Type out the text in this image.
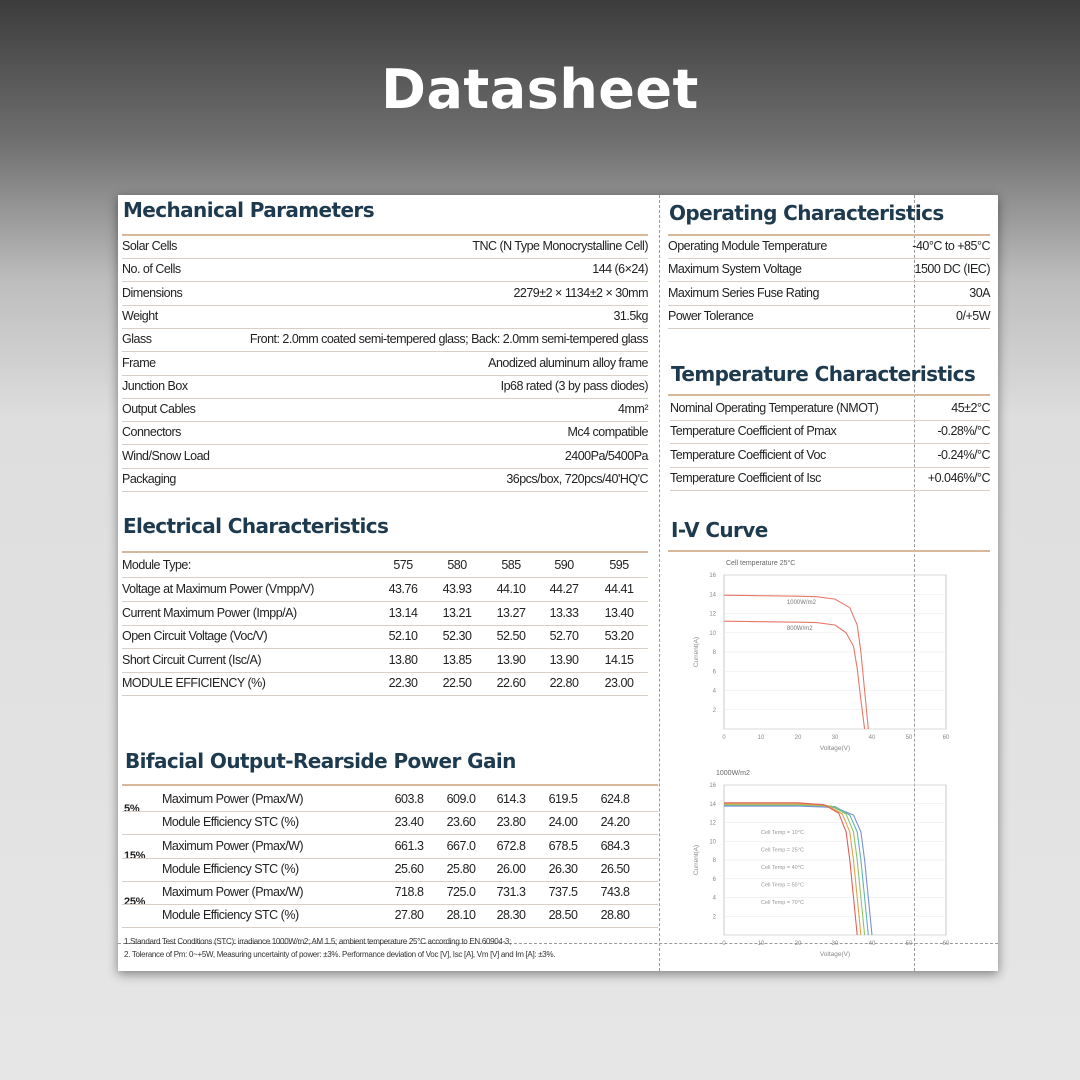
Datasheet
Mechanical Parameters
Solar Cells	TNC (N Type Monocrystalline Cell)
No. of Cells	144 (6×24)
Dimensions	2279±2 × 1134±2 × 30mm
Weight	31.5kg
Glass	Front: 2.0mm coated semi-tempered glass; Back: 2.0mm semi-tempered glass
Frame	Anodized aluminum alloy frame
Junction Box	Ip68 rated (3 by pass diodes)
Output Cables	4mm²
Connectors	Mc4 compatible
Wind/Snow Load	2400Pa/5400Pa
Packaging	36pcs/box, 720pcs/40'HQ'C
Operating Characteristics
Operating Module Temperature	-40°C to +85°C
Maximum System Voltage	1500 DC (IEC)
Maximum Series Fuse Rating	30A
Power Tolerance	0/+5W
Temperature Characteristics
Nominal Operating Temperature (NMOT)	45±2°C
Temperature Coefficient of Pmax	-0.28%/°C
Temperature Coefficient of Voc	-0.24%/°C
Temperature Coefficient of Isc	+0.046%/°C
Electrical Characteristics
Module Type:	575	580	585	590	595
Voltage at Maximum Power (Vmpp/V)	43.76	43.93	44.10	44.27	44.41
Current Maximum Power (Impp/A)	13.14	13.21	13.27	13.33	13.40
Open Circuit Voltage (Voc/V)	52.10	52.30	52.50	52.70	53.20
Short Circuit Current (Isc/A)	13.80	13.85	13.90	13.90	14.15
MODULE EFFICIENCY (%)	22.30	22.50	22.60	22.80	23.00
Bifacial Output-Rearside Power Gain
5%
Maximum Power (Pmax/W)	603.8	609.0	614.3	619.5	624.8
Module Efficiency STC (%)	23.40	23.60	23.80	24.00	24.20
15%
Maximum Power (Pmax/W)	661.3	667.0	672.8	678.5	684.3
Module Efficiency STC (%)	25.60	25.80	26.00	26.30	26.50
25%
Maximum Power (Pmax/W)	718.8	725.0	731.3	737.5	743.8
Module Efficiency STC (%)	27.80	28.10	28.30	28.50	28.80
1.Standard Test Conditions (STC): irradiance 1000W/m2; AM 1.5; ambient temperature 25°C according to EN 60904-3;
2. Tolerance of Pm: 0~+5W, Measuring uncertainty of power: ±3%. Performance deviation of Voc [V], Isc [A], Vm [V] and Im [A]: ±3%.
I-V Curve
Cell temperature 25°C
2
4
6
8
10
12
14
16
0	10	20	30	40	50	60
Voltage(V)
Current(A)
1000W/m2
800W/m2
1000W/m2
2
4
6
8
10
12
14
16
0	10	20	30	40	50	60
Voltage(V)
Current(A)
Cell Temp = 10°C
Cell Temp = 25°C
Cell Temp = 40°C
Cell Temp = 55°C
Cell Temp = 70°C
